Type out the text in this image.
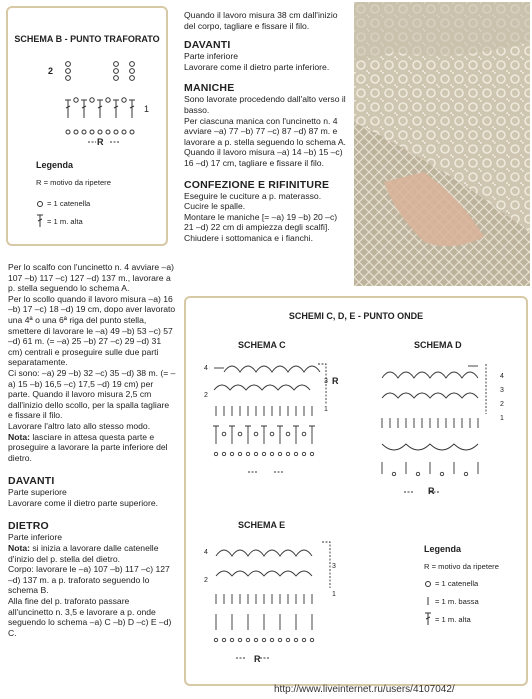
SCHEMA B - PUNTO TRAFORATO
2
1
R
Legenda
R = motivo da ripetere
= 1 catenella
= 1 m. alta

Per lo scalfo con l'uncinetto n. 4 avviare –a) 107 –b) 117 –c) 127 –d) 137 m., lavorare a p. stella seguendo lo schema A.

Per lo scollo quando il lavoro misura –a) 16 –b) 17 –c) 18 –d) 19 cm, dopo aver lavorato una 4ª o una 6ª riga del punto stella, smettere di lavorare le –a) 49 –b) 53 –c) 57 –d) 61 m. (= –a) 25 –b) 27 –c) 29 –d) 31 cm) centrali e proseguire sulle due parti separatamente.

Ci sono: –a) 29 –b) 32 –c) 35 –d) 38 m. (= –a) 15 –b) 16,5 –c) 17,5 –d) 19 cm) per parte. Quando il lavoro misura 2,5 cm dall'inizio dello scollo, per la spalla tagliare e fissare il filo.

Lavorare l'altro lato allo stesso modo.

Nota: lasciare in attesa questa parte e proseguire a lavorare la parte inferiore del dietro.

DAVANTI

Parte superiore

Lavorare come il dietro parte superiore.

DIETRO

Parte inferiore

Nota: si inizia a lavorare dalle catenelle d'inizio del p. stella del dietro.

Corpo: lavorare le –a) 107 –b) 117 –c) 127 –d) 137 m. a p. traforato seguendo lo schema B.

Alla fine del p. traforato passare all'uncinetto n. 3,5 e lavorare a p. onde seguendo lo schema –a) C –b) D –c) E –d) C.

Quando il lavoro misura 38 cm dall'inizio del corpo, tagliare e fissare il filo.

DAVANTI

Parte inferiore

Lavorare come il dietro parte inferiore.

MANICHE

Sono lavorate procedendo dall'alto verso il basso.

Per ciascuna manica con l'uncinetto n. 4 avviare –a) 77 –b) 77 –c) 87 –d) 87 m. e lavorare a p. stella seguendo lo schema A.

Quando il lavoro misura –a) 14 –b) 15 –c) 16 –d) 17 cm, tagliare e fissare il filo.

CONFEZIONE E RIFINITURE

Eseguire le cuciture a p. materasso.

Cucire le spalle.

Montare le maniche [= –a) 19 –b) 20 –c) 21 –d) 22 cm di ampiezza degli scalfi].

Chiudere i sottomanica e i fianchi.

SCHEMI C, D, E - PUNTO ONDE
SCHEMA C
4
3
2
1
R
SCHEMA D
4
3
2
1
R
SCHEMA E
4
3
2
1
R
Legenda
R = motivo da ripetere
= 1 catenella
= 1 m. bassa
= 1 m. alta
http://www.liveinternet.ru/users/4107042/
